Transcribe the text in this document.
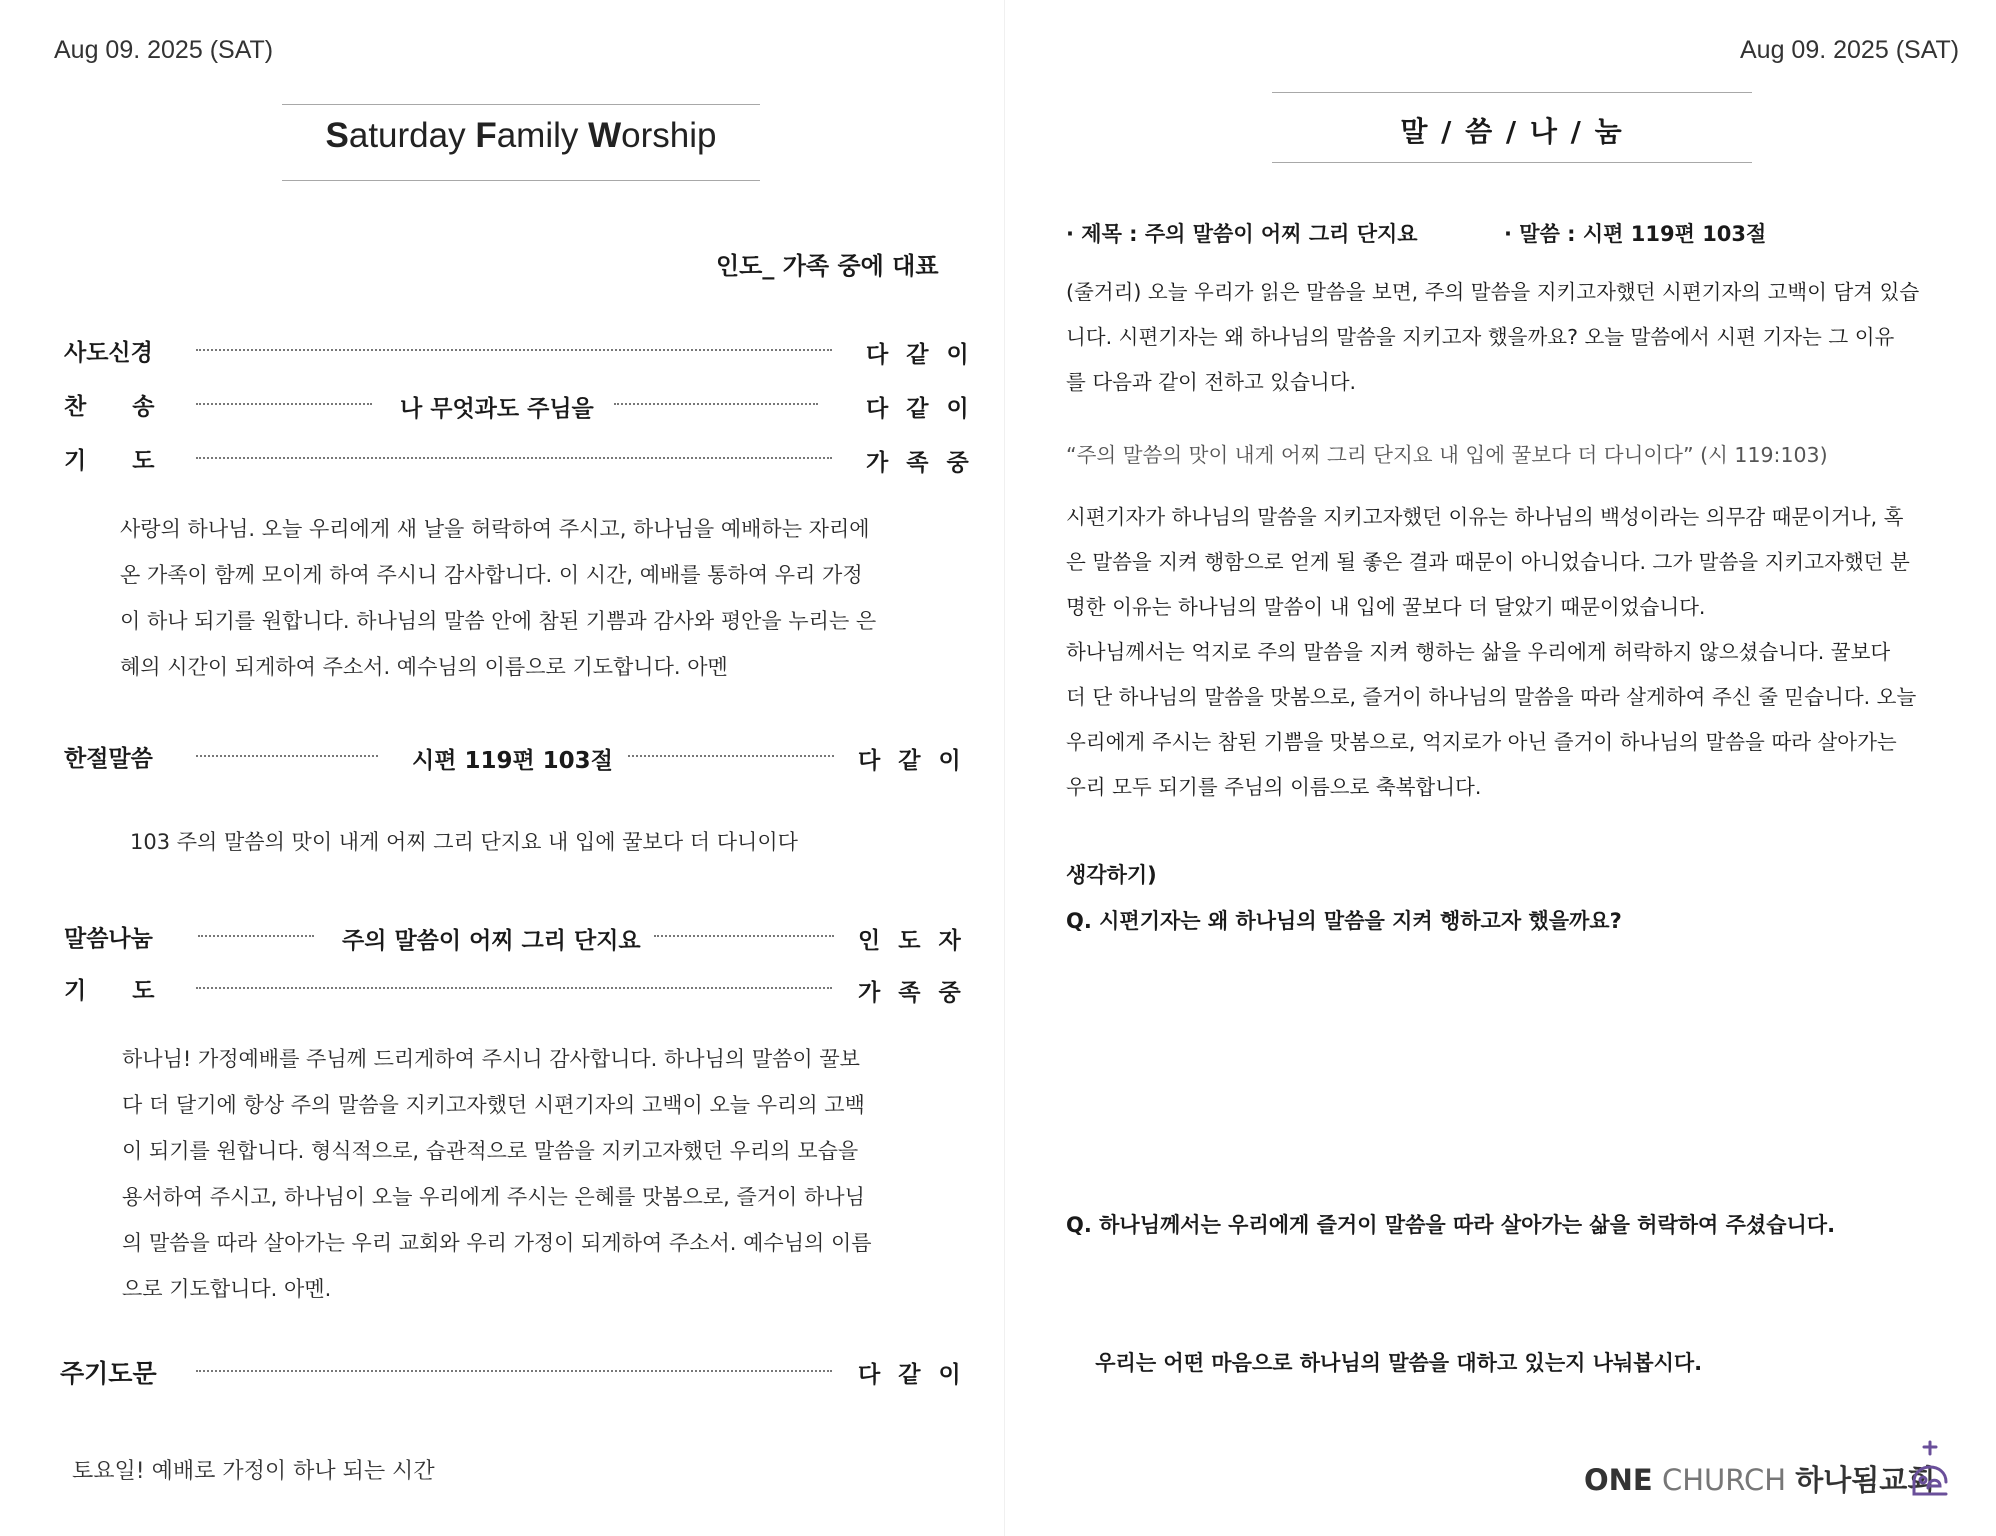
Aug 09. 2025 (SAT)
Saturday Family Worship
인도_ 가족 중에 대표
사도신경	다 같 이
찬　　송	나 무엇과도 주님을	다 같 이
기　　도	가 족 중
사랑의 하나님. 오늘 우리에게 새 날을 허락하여 주시고, 하나님을 예배하는 자리에
온 가족이 함께 모이게 하여 주시니 감사합니다. 이 시간, 예배를 통하여 우리 가정
이 하나 되기를 원합니다. 하나님의 말씀 안에 참된 기쁨과 감사와 평안을 누리는 은
혜의 시간이 되게하여 주소서. 예수님의 이름으로 기도합니다. 아멘
한절말씀	시편 119편 103절	다 같 이
103 주의 말씀의 맛이 내게 어찌 그리 단지요 내 입에 꿀보다 더 다니이다
말씀나눔	주의 말씀이 어찌 그리 단지요	인 도 자
기　　도	가 족 중
하나님! 가정예배를 주님께 드리게하여 주시니 감사합니다. 하나님의 말씀이 꿀보
다 더 달기에 항상 주의 말씀을 지키고자했던 시편기자의 고백이 오늘 우리의 고백
이 되기를 원합니다. 형식적으로, 습관적으로 말씀을 지키고자했던 우리의 모습을
용서하여 주시고, 하나님이 오늘 우리에게 주시는 은혜를 맛봄으로, 즐거이 하나님
의 말씀을 따라 살아가는 우리 교회와 우리 가정이 되게하여 주소서. 예수님의 이름
으로 기도합니다. 아멘.
주기도문	다 같 이
토요일! 예배로 가정이 하나 되는 시간
Aug 09. 2025 (SAT)
말 / 씀 / 나 / 눔
· 제목 : 주의 말씀이 어찌 그리 단지요	· 말씀 : 시편 119편 103절
(줄거리) 오늘 우리가 읽은 말씀을 보면, 주의 말씀을 지키고자했던 시편기자의 고백이 담겨 있습
니다. 시편기자는 왜 하나님의 말씀을 지키고자 했을까요? 오늘 말씀에서 시편 기자는 그 이유
를 다음과 같이 전하고 있습니다.
“주의 말씀의 맛이 내게 어찌 그리 단지요 내 입에 꿀보다 더 다니이다” (시 119:103)
시편기자가 하나님의 말씀을 지키고자했던 이유는 하나님의 백성이라는 의무감 때문이거나, 혹
은 말씀을 지켜 행함으로 얻게 될 좋은 결과 때문이 아니었습니다. 그가 말씀을 지키고자했던 분
명한 이유는 하나님의 말씀이 내 입에 꿀보다 더 달았기 때문이었습니다.
하나님께서는 억지로 주의 말씀을 지켜 행하는 삶을 우리에게 허락하지 않으셨습니다. 꿀보다
더 단 하나님의 말씀을 맛봄으로, 즐거이 하나님의 말씀을 따라 살게하여 주신 줄 믿습니다. 오늘
우리에게 주시는 참된 기쁨을 맛봄으로, 억지로가 아닌 즐거이 하나님의 말씀을 따라 살아가는
우리 모두 되기를 주님의 이름으로 축복합니다.
생각하기)
Q. 시편기자는 왜 하나님의 말씀을 지켜 행하고자 했을까요?

Q. 하나님께서는 우리에게 즐거이 말씀을 따라 살아가는 삶을 허락하여 주셨습니다.

우리는 어떤 마음으로 하나님의 말씀을 대하고 있는지 나눠봅시다.

ONE CHURCH 하나됨교회
